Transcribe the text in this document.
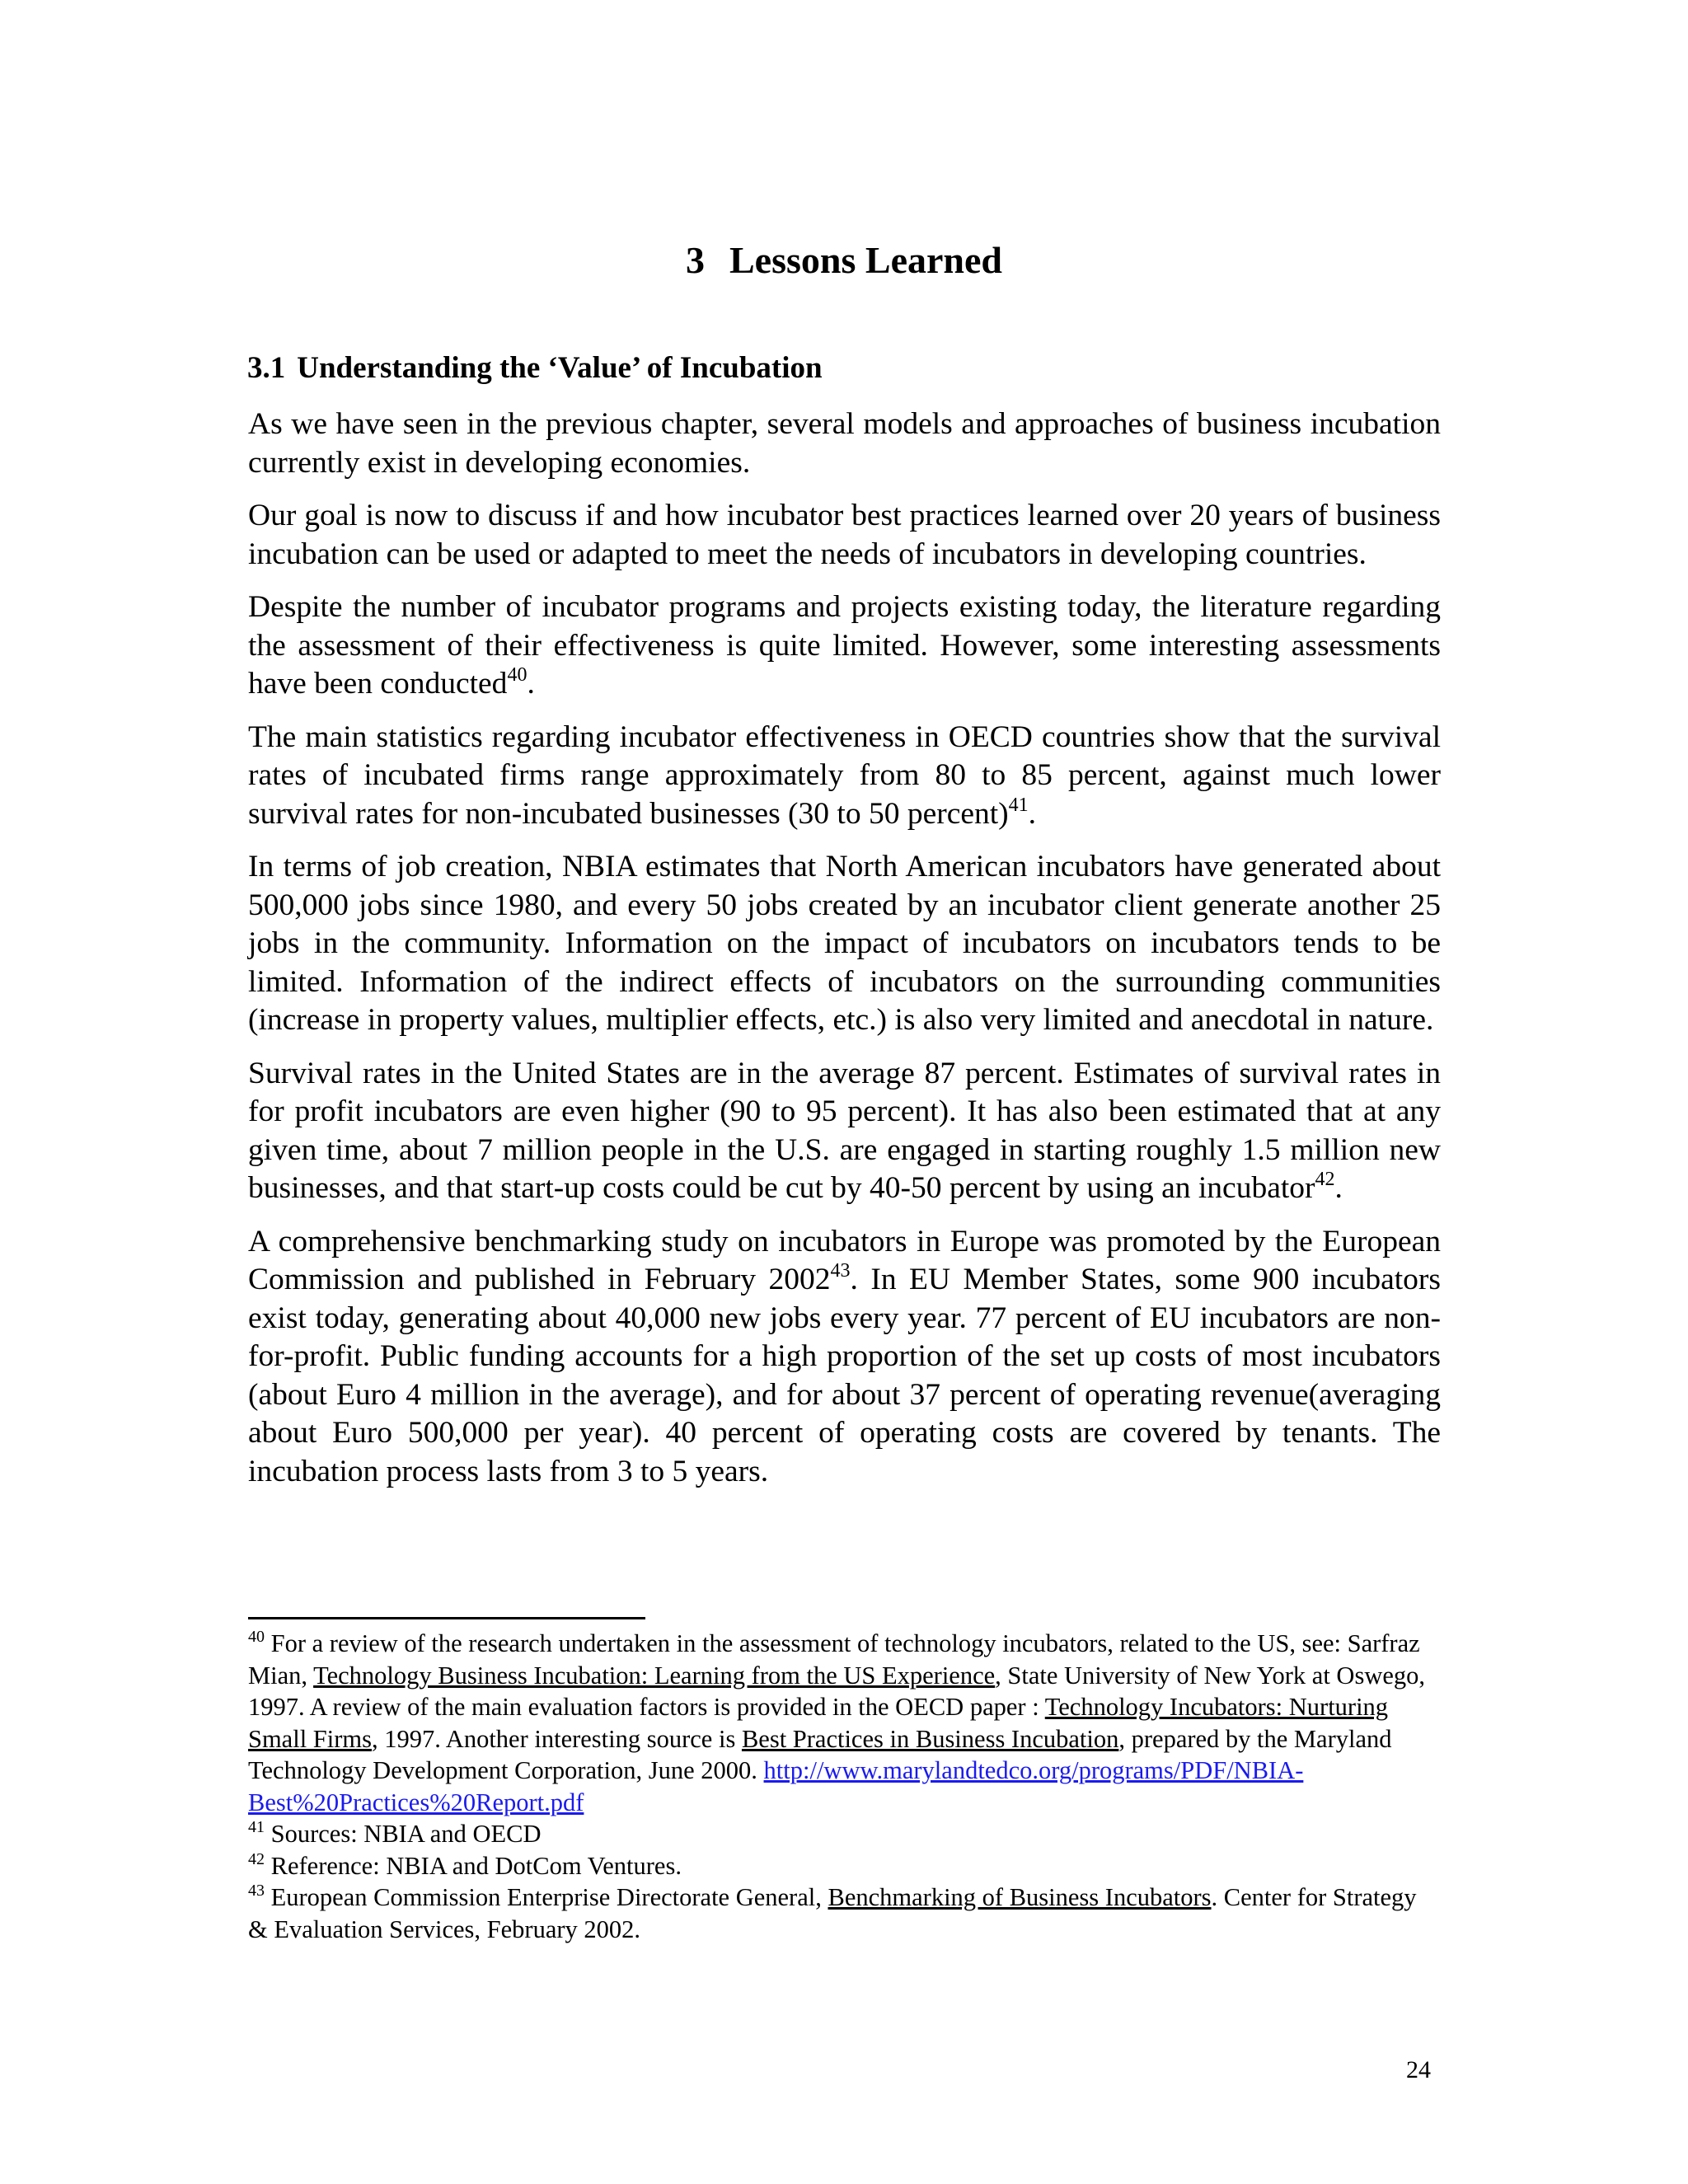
3 Lessons Learned
3.1 Understanding the ‘Value’ of Incubation

As we have seen in the previous chapter, several models and approaches of business incubation currently exist in developing economies.

Our goal is now to discuss if and how incubator best practices learned over 20 years of business incubation can be used or adapted to meet the needs of incubators in developing countries.

Despite the number of incubator programs and projects existing today, the literature regarding the assessment of their effectiveness is quite limited. However, some interesting assessments have been conducted$^{40}$.

The main statistics regarding incubator effectiveness in OECD countries show that the survival rates of incubated firms range approximately from 80 to 85 percent, against much lower survival rates for non-incubated businesses (30 to 50 percent)$^{41}$.

In terms of job creation, NBIA estimates that North American incubators have generated about 500,000 jobs since 1980, and every 50 jobs created by an incubator client generate another 25 jobs in the community. Information on the impact of incubators on incubators tends to be limited. Information of the indirect effects of incubators on the surrounding communities (increase in property values, multiplier effects, etc.) is also very limited and anecdotal in nature.

Survival rates in the United States are in the average 87 percent. Estimates of survival rates in for profit incubators are even higher (90 to 95 percent). It has also been estimated that at any given time, about 7 million people in the U.S. are engaged in starting roughly 1.5 million new businesses, and that start-up costs could be cut by 40-50 percent by using an incubator$^{42}$.

A comprehensive benchmarking study on incubators in Europe was promoted by the European Commission and published in February 2002$^{43}$. In EU Member States, some 900 incubators exist today, generating about 40,000 new jobs every year. 77 percent of EU incubators are non-for-profit. Public funding accounts for a high proportion of the set up costs of most incubators (about Euro 4 million in the average), and for about 37 percent of operating revenue(averaging about Euro 500,000 per year). 40 percent of operating costs are covered by tenants. The incubation process lasts from 3 to 5 years.

$^{40}$ For a review of the research undertaken in the assessment of technology incubators, related to the US, see: Sarfraz Mian, Technology Business Incubation: Learning from the US Experience, State University of New York at Oswego, 1997. A review of the main evaluation factors is provided in the OECD paper : Technology Incubators: Nurturing Small Firms, 1997. Another interesting source is Best Practices in Business Incubation, prepared by the Maryland Technology Development Corporation, June 2000. http://www.marylandtedco.org/programs/PDF/NBIA-Best%20Practices%20Report.pdf

$^{41}$ Sources: NBIA and OECD

$^{42}$ Reference: NBIA and DotCom Ventures.

$^{43}$ European Commission Enterprise Directorate General, Benchmarking of Business Incubators. Center for Strategy & Evaluation Services, February 2002.

24
